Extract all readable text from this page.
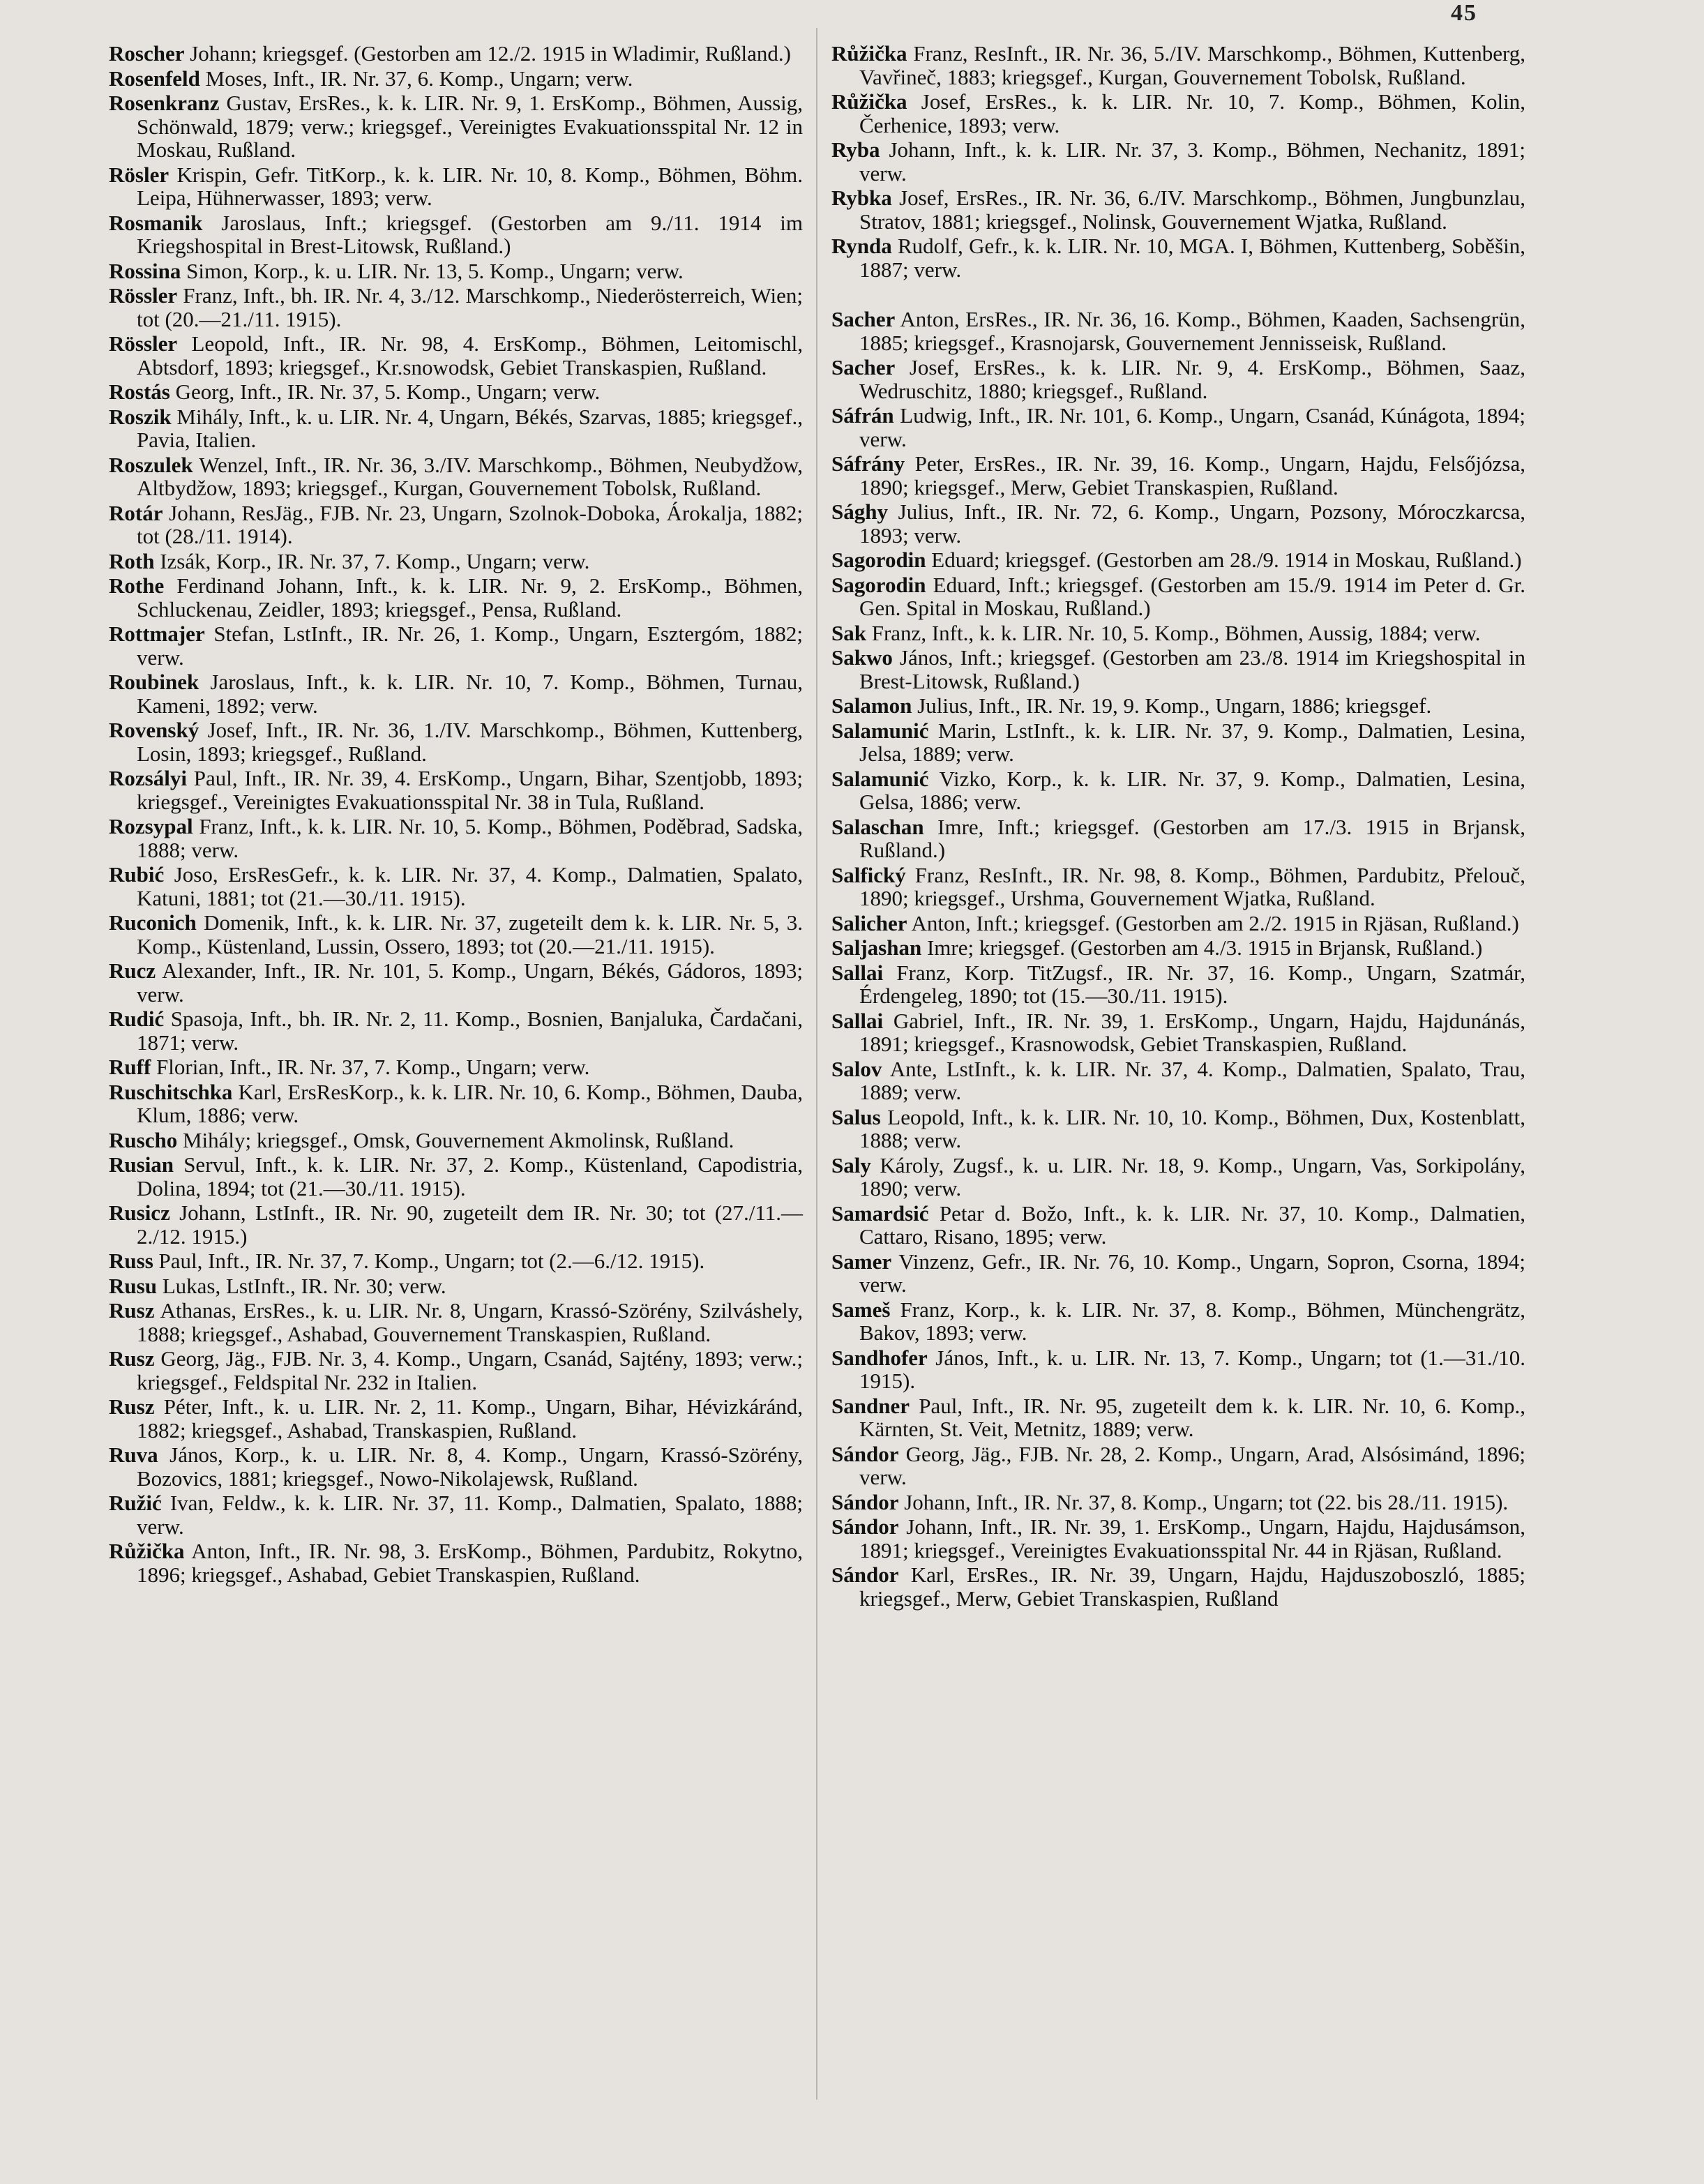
45

Roscher Johann; kriegsgef. (Gestorben am 12./2. 1915 in Wladimir, Rußland.)

Rosenfeld Moses, Inft., IR. Nr. 37, 6. Komp., Ungarn; verw.

Rosenkranz Gustav, ErsRes., k. k. LIR. Nr. 9, 1. ErsKomp., Böhmen, Aussig, Schönwald, 1879; verw.; kriegsgef., Vereinigtes Evakuationsspital Nr. 12 in Moskau, Rußland.

Rösler Krispin, Gefr. TitKorp., k. k. LIR. Nr. 10, 8. Komp., Böhmen, Böhm. Leipa, Hühnerwasser, 1893; verw.

Rosmanik Jaroslaus, Inft.; kriegsgef. (Gestorben am 9./11. 1914 im Kriegshospital in Brest-Litowsk, Rußland.)

Rossina Simon, Korp., k. u. LIR. Nr. 13, 5. Komp., Ungarn; verw.

Rössler Franz, Inft., bh. IR. Nr. 4, 3./12. Marschkomp., Niederösterreich, Wien; tot (20.—21./11. 1915).

Rössler Leopold, Inft., IR. Nr. 98, 4. ErsKomp., Böhmen, Leitomischl, Abtsdorf, 1893; kriegsgef., Kr.snowodsk, Gebiet Transkaspien, Rußland.

Rostás Georg, Inft., IR. Nr. 37, 5. Komp., Ungarn; verw.

Roszik Mihály, Inft., k. u. LIR. Nr. 4, Ungarn, Békés, Szarvas, 1885; kriegsgef., Pavia, Italien.

Roszulek Wenzel, Inft., IR. Nr. 36, 3./IV. Marschkomp., Böhmen, Neubydžow, Altbydžow, 1893; kriegsgef., Kurgan, Gouvernement Tobolsk, Rußland.

Rotár Johann, ResJäg., FJB. Nr. 23, Ungarn, Szolnok-Doboka, Árokalja, 1882; tot (28./11. 1914).

Roth Izsák, Korp., IR. Nr. 37, 7. Komp., Ungarn; verw.

Rothe Ferdinand Johann, Inft., k. k. LIR. Nr. 9, 2. ErsKomp., Böhmen, Schluckenau, Zeidler, 1893; kriegsgef., Pensa, Rußland.

Rottmajer Stefan, LstInft., IR. Nr. 26, 1. Komp., Ungarn, Esztergóm, 1882; verw.

Roubinek Jaroslaus, Inft., k. k. LIR. Nr. 10, 7. Komp., Böhmen, Turnau, Kameni, 1892; verw.

Rovenský Josef, Inft., IR. Nr. 36, 1./IV. Marschkomp., Böhmen, Kuttenberg, Losin, 1893; kriegsgef., Rußland.

Rozsályi Paul, Inft., IR. Nr. 39, 4. ErsKomp., Ungarn, Bihar, Szentjobb, 1893; kriegsgef., Vereinigtes Evakuationsspital Nr. 38 in Tula, Rußland.

Rozsypal Franz, Inft., k. k. LIR. Nr. 10, 5. Komp., Böhmen, Poděbrad, Sadska, 1888; verw.

Rubić Joso, ErsResGefr., k. k. LIR. Nr. 37, 4. Komp., Dalmatien, Spalato, Katuni, 1881; tot (21.—30./11. 1915).

Ruconich Domenik, Inft., k. k. LIR. Nr. 37, zugeteilt dem k. k. LIR. Nr. 5, 3. Komp., Küstenland, Lussin, Ossero, 1893; tot (20.—21./11. 1915).

Rucz Alexander, Inft., IR. Nr. 101, 5. Komp., Ungarn, Békés, Gádoros, 1893; verw.

Rudić Spasoja, Inft., bh. IR. Nr. 2, 11. Komp., Bosnien, Banjaluka, Čardačani, 1871; verw.

Ruff Florian, Inft., IR. Nr. 37, 7. Komp., Ungarn; verw.

Ruschitschka Karl, ErsResKorp., k. k. LIR. Nr. 10, 6. Komp., Böhmen, Dauba, Klum, 1886; verw.

Ruscho Mihály; kriegsgef., Omsk, Gouvernement Akmolinsk, Rußland.

Rusian Servul, Inft., k. k. LIR. Nr. 37, 2. Komp., Küstenland, Capodistria, Dolina, 1894; tot (21.—30./11. 1915).

Rusicz Johann, LstInft., IR. Nr. 90, zugeteilt dem IR. Nr. 30; tot (27./11.—2./12. 1915.)

Russ Paul, Inft., IR. Nr. 37, 7. Komp., Ungarn; tot (2.—6./12. 1915).

Rusu Lukas, LstInft., IR. Nr. 30; verw.

Rusz Athanas, ErsRes., k. u. LIR. Nr. 8, Ungarn, Krassó-Szörény, Szilváshely, 1888; kriegsgef., Ashabad, Gouvernement Transkaspien, Rußland.

Rusz Georg, Jäg., FJB. Nr. 3, 4. Komp., Ungarn, Csanád, Sajtény, 1893; verw.; kriegsgef., Feldspital Nr. 232 in Italien.

Rusz Péter, Inft., k. u. LIR. Nr. 2, 11. Komp., Ungarn, Bihar, Hévizkáránd, 1882; kriegsgef., Ashabad, Transkaspien, Rußland.

Ruva János, Korp., k. u. LIR. Nr. 8, 4. Komp., Ungarn, Krassó-Szörény, Bozovics, 1881; kriegsgef., Nowo-Nikolajewsk, Rußland.

Ružić Ivan, Feldw., k. k. LIR. Nr. 37, 11. Komp., Dalmatien, Spalato, 1888; verw.

Růžička Anton, Inft., IR. Nr. 98, 3. ErsKomp., Böhmen, Pardubitz, Rokytno, 1896; kriegsgef., Ashabad, Gebiet Transkaspien, Rußland.

Růžička Franz, ResInft., IR. Nr. 36, 5./IV. Marschkomp., Böhmen, Kuttenberg, Vavřineč, 1883; kriegsgef., Kurgan, Gouvernement Tobolsk, Rußland.

Růžička Josef, ErsRes., k. k. LIR. Nr. 10, 7. Komp., Böhmen, Kolin, Čerhenice, 1893; verw.

Ryba Johann, Inft., k. k. LIR. Nr. 37, 3. Komp., Böhmen, Nechanitz, 1891; verw.

Rybka Josef, ErsRes., IR. Nr. 36, 6./IV. Marschkomp., Böhmen, Jungbunzlau, Stratov, 1881; kriegsgef., Nolinsk, Gouvernement Wjatka, Rußland.

Rynda Rudolf, Gefr., k. k. LIR. Nr. 10, MGA. I, Böhmen, Kuttenberg, Soběšin, 1887; verw.

Sacher Anton, ErsRes., IR. Nr. 36, 16. Komp., Böhmen, Kaaden, Sachsengrün, 1885; kriegsgef., Krasnojarsk, Gouvernement Jennisseisk, Rußland.

Sacher Josef, ErsRes., k. k. LIR. Nr. 9, 4. ErsKomp., Böhmen, Saaz, Wedruschitz, 1880; kriegsgef., Rußland.

Sáfrán Ludwig, Inft., IR. Nr. 101, 6. Komp., Ungarn, Csanád, Kúnágota, 1894; verw.

Sáfrány Peter, ErsRes., IR. Nr. 39, 16. Komp., Ungarn, Hajdu, Felsőjózsa, 1890; kriegsgef., Merw, Gebiet Transkaspien, Rußland.

Sághy Julius, Inft., IR. Nr. 72, 6. Komp., Ungarn, Pozsony, Móroczkarcsa, 1893; verw.

Sagorodin Eduard; kriegsgef. (Gestorben am 28./9. 1914 in Moskau, Rußland.)

Sagorodin Eduard, Inft.; kriegsgef. (Gestorben am 15./9. 1914 im Peter d. Gr. Gen. Spital in Moskau, Rußland.)

Sak Franz, Inft., k. k. LIR. Nr. 10, 5. Komp., Böhmen, Aussig, 1884; verw.

Sakwo János, Inft.; kriegsgef. (Gestorben am 23./8. 1914 im Kriegshospital in Brest-Litowsk, Rußland.)

Salamon Julius, Inft., IR. Nr. 19, 9. Komp., Ungarn, 1886; kriegsgef.

Salamunić Marin, LstInft., k. k. LIR. Nr. 37, 9. Komp., Dalmatien, Lesina, Jelsa, 1889; verw.

Salamunić Vizko, Korp., k. k. LIR. Nr. 37, 9. Komp., Dalmatien, Lesina, Gelsa, 1886; verw.

Salaschan Imre, Inft.; kriegsgef. (Gestorben am 17./3. 1915 in Brjansk, Rußland.)

Salfický Franz, ResInft., IR. Nr. 98, 8. Komp., Böhmen, Pardubitz, Přelouč, 1890; kriegsgef., Urshma, Gouvernement Wjatka, Rußland.

Salicher Anton, Inft.; kriegsgef. (Gestorben am 2./2. 1915 in Rjäsan, Rußland.)

Saljashan Imre; kriegsgef. (Gestorben am 4./3. 1915 in Brjansk, Rußland.)

Sallai Franz, Korp. TitZugsf., IR. Nr. 37, 16. Komp., Ungarn, Szatmár, Érdengeleg, 1890; tot (15.—30./11. 1915).

Sallai Gabriel, Inft., IR. Nr. 39, 1. ErsKomp., Ungarn, Hajdu, Hajdunánás, 1891; kriegsgef., Krasnowodsk, Gebiet Transkaspien, Rußland.

Salov Ante, LstInft., k. k. LIR. Nr. 37, 4. Komp., Dalmatien, Spalato, Trau, 1889; verw.

Salus Leopold, Inft., k. k. LIR. Nr. 10, 10. Komp., Böhmen, Dux, Kostenblatt, 1888; verw.

Saly Károly, Zugsf., k. u. LIR. Nr. 18, 9. Komp., Ungarn, Vas, Sorkipolány, 1890; verw.

Samardsić Petar d. Božo, Inft., k. k. LIR. Nr. 37, 10. Komp., Dalmatien, Cattaro, Risano, 1895; verw.

Samer Vinzenz, Gefr., IR. Nr. 76, 10. Komp., Ungarn, Sopron, Csorna, 1894; verw.

Sameš Franz, Korp., k. k. LIR. Nr. 37, 8. Komp., Böhmen, Münchengrätz, Bakov, 1893; verw.

Sandhofer János, Inft., k. u. LIR. Nr. 13, 7. Komp., Ungarn; tot (1.—31./10. 1915).

Sandner Paul, Inft., IR. Nr. 95, zugeteilt dem k. k. LIR. Nr. 10, 6. Komp., Kärnten, St. Veit, Metnitz, 1889; verw.

Sándor Georg, Jäg., FJB. Nr. 28, 2. Komp., Ungarn, Arad, Alsósimánd, 1896; verw.

Sándor Johann, Inft., IR. Nr. 37, 8. Komp., Ungarn; tot (22. bis 28./11. 1915).

Sándor Johann, Inft., IR. Nr. 39, 1. ErsKomp., Ungarn, Hajdu, Hajdusámson, 1891; kriegsgef., Vereinigtes Evakuationsspital Nr. 44 in Rjäsan, Rußland.

Sándor Karl, ErsRes., IR. Nr. 39, Ungarn, Hajdu, Hajduszoboszló, 1885; kriegsgef., Merw, Gebiet Transkaspien, Rußland
